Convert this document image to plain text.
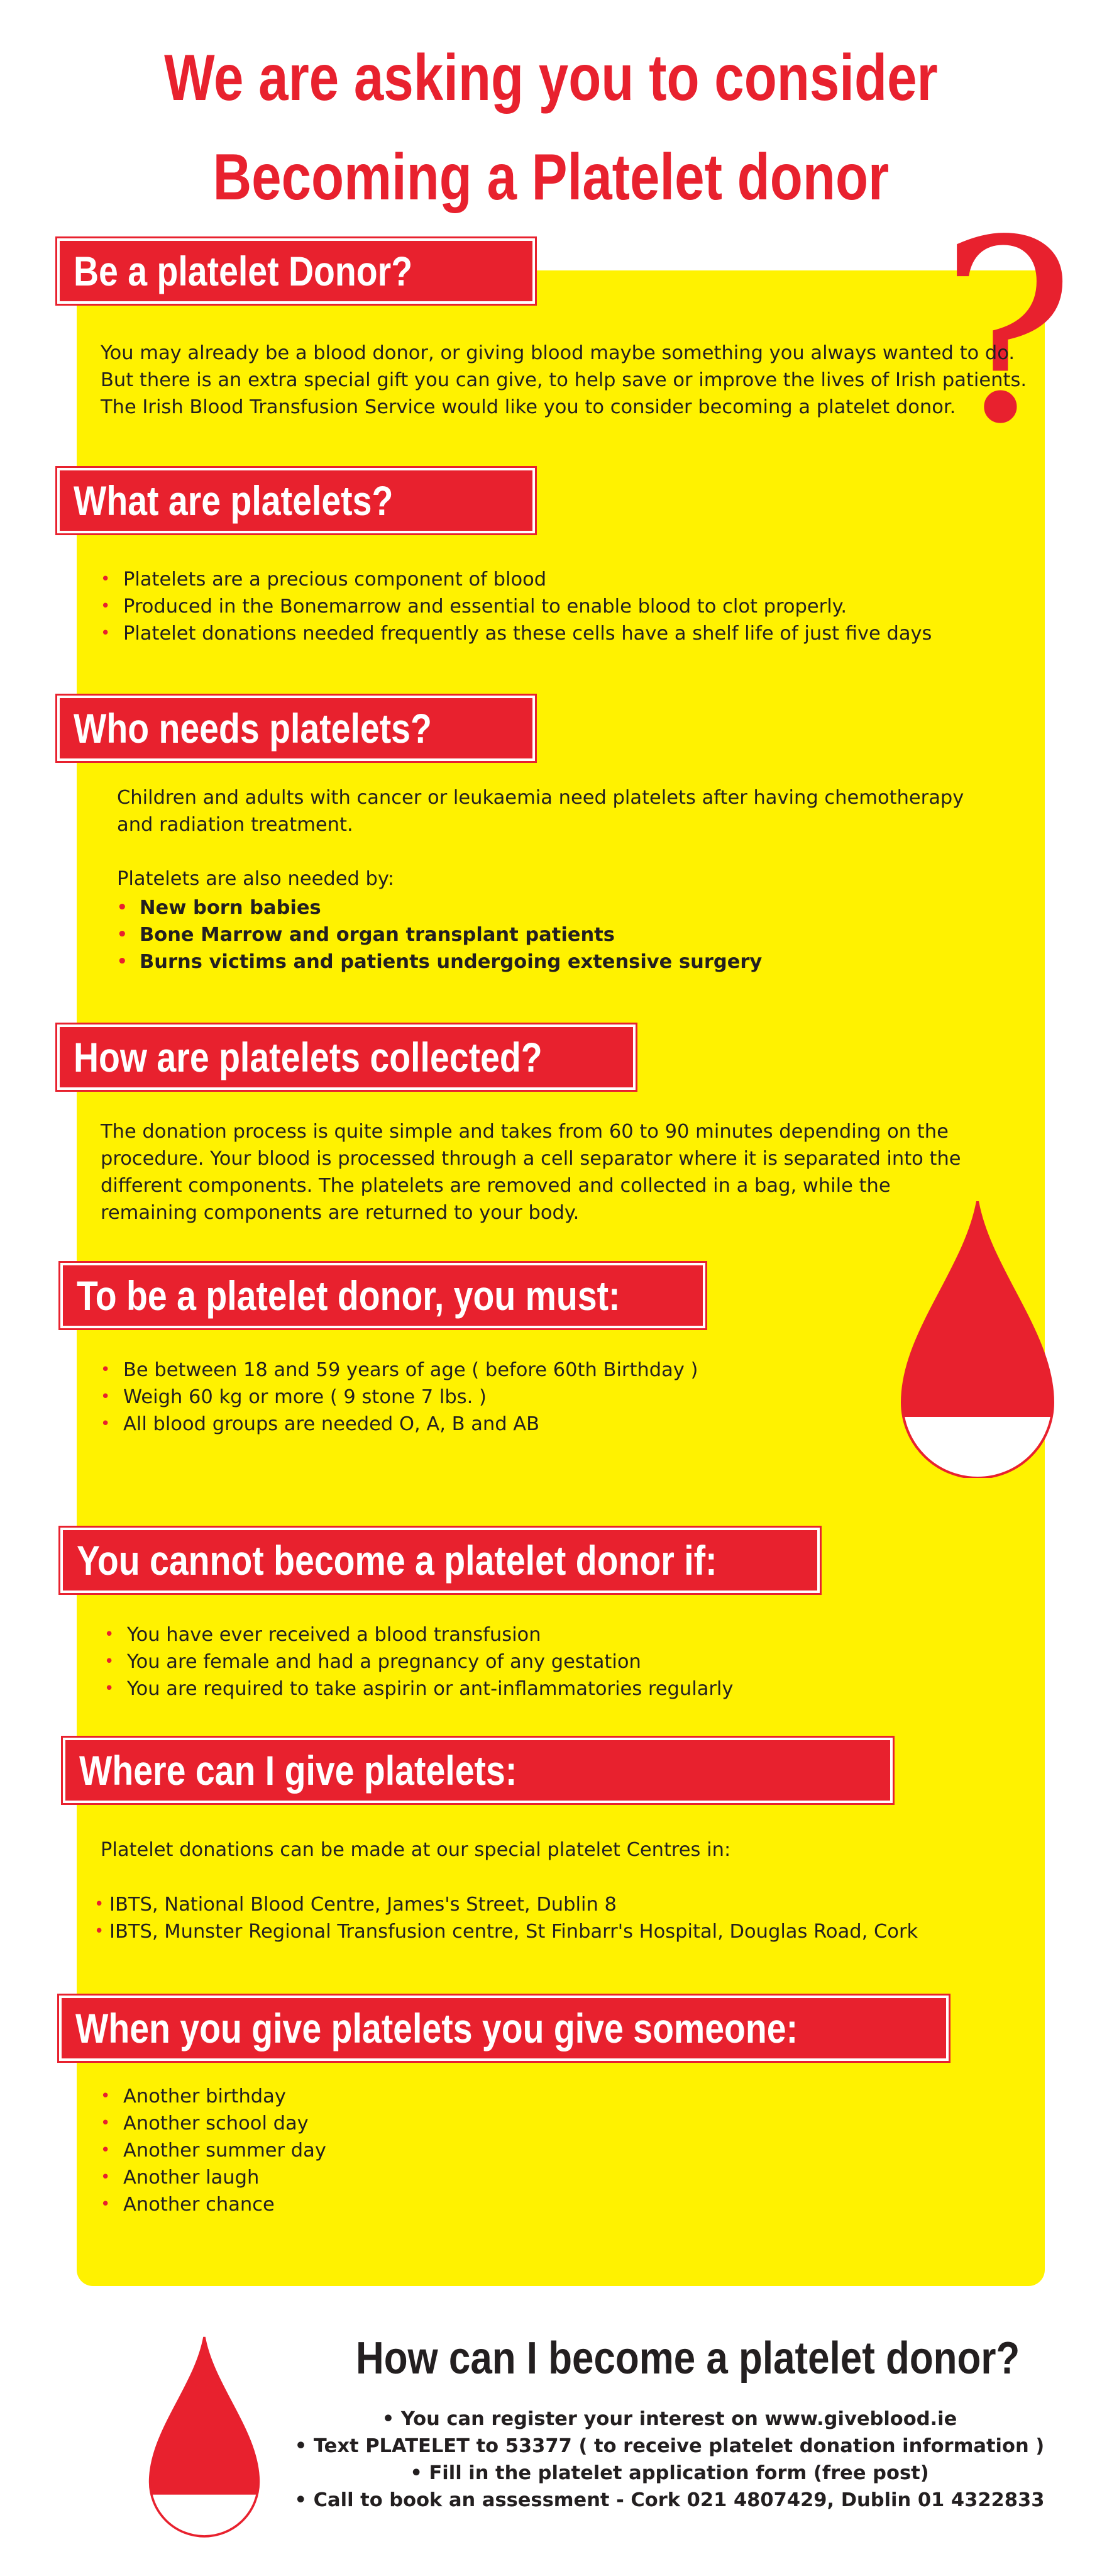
We are asking you to consider
Becoming a Platelet donor
?
Be a platelet Donor?

You may already be a blood donor, or giving blood maybe something you always wanted to do.

But there is an extra special gift you can give, to help save or improve the lives of Irish patients.

The Irish Blood Transfusion Service would like you to consider becoming a platelet donor.

What are platelets?
• Platelets are a precious component of blood
• Produced in the Bonemarrow and essential to enable blood to clot properly.
• Platelet donations needed frequently as these cells have a shelf life of just five days
Who needs platelets?

Children and adults with cancer or leukaemia need platelets after having chemotherapy

and radiation treatment.

Platelets are also needed by:

• New born babies
• Bone Marrow and organ transplant patients
• Burns victims and patients undergoing extensive surgery
How are platelets collected?

The donation process is quite simple and takes from 60 to 90 minutes depending on the

procedure. Your blood is processed through a cell separator where it is separated into the

different components. The platelets are removed and collected in a bag, while the

remaining components are returned to your body.

To be a platelet donor, you must:
• Be between 18 and 59 years of age ( before 60th Birthday )
• Weigh 60 kg or more ( 9 stone 7 lbs. )
• All blood groups are needed O, A, B and AB
You cannot become a platelet donor if:
• You have ever received a blood transfusion
• You are female and had a pregnancy of any gestation
• You are required to take aspirin or ant-inflammatories regularly
Where can I give platelets:
Platelet donations can be made at our special platelet Centres in:
• IBTS, National Blood Centre, James's Street, Dublin 8
• IBTS, Munster Regional Transfusion centre, St Finbarr's Hospital, Douglas Road, Cork
When you give platelets you give someone:
• Another birthday
• Another school day
• Another summer day
• Another laugh
• Another chance
How can I become a platelet donor?
• You can register your interest on www.giveblood.ie
• Text PLATELET to 53377 ( to receive platelet donation information )
• Fill in the platelet application form (free post)
• Call to book an assessment - Cork 021 4807429, Dublin 01 4322833
